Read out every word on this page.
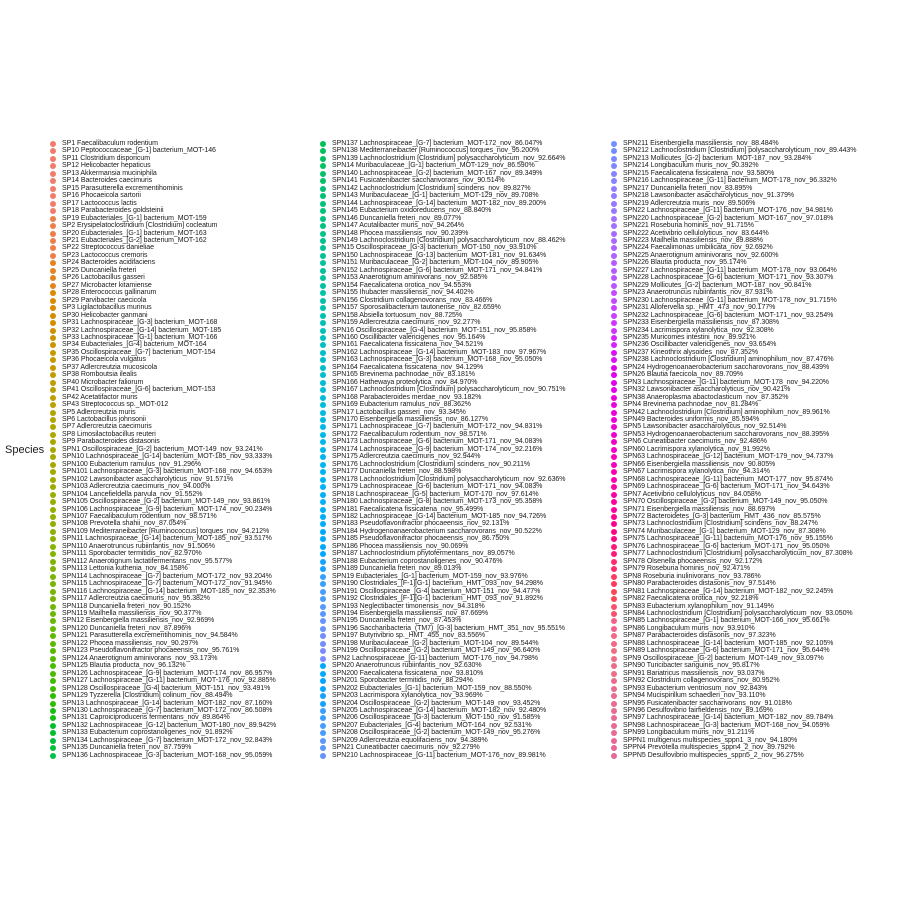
Species
SP1 Faecalibaculum rodentium
SP10 Peptococcaceae_[G-1] bacterium_MOT-146
SP11 Clostridium disporicum
SP12 Helicobacter hepaticus
SP13 Akkermansia muciniphila
SP14 Bacteroides caecimuris
SP15 Parasutterella excrementihominis
SP16 Phocaeicola sartorii
SP17 Lactococcus lactis
SP18 Parabacteroides goldsteinii
SP19 Eubacteriales_[G-1] bacterium_MOT-159
SP2 Erysipelatoclostridium [Clostridium] cocleatum
SP20 Eubacteriales_[G-1] bacterium_MOT-163
SP21 Eubacteriales_[G-2] bacterium_MOT-162
SP22 Streptococcus danieliae
SP23 Lactococcus cremoris
SP24 Bacteroides acidifaciens
SP25 Duncaniella freteri
SP26 Lactobacillus gasseri
SP27 Microbacter kitamiense
SP28 Enterococcus gallinarum
SP29 Parvibacter caecicola
SP3 Ligilactobacillus murinus
SP30 Helicobacter ganmani
SP31 Lachnospiraceae_[G-3] bacterium_MOT-168
SP32 Lachnospiraceae_[G-14] bacterium_MOT-185
SP33 Lachnospiraceae_[G-1] bacterium_MOT-166
SP34 Eubacteriales_[G-4] bacterium_MOT-164
SP35 Oscillospiraceae_[G-7] bacterium_MOT-154
SP36 Phocaeicola vulgatus
SP37 Adlercreutzia mucosicola
SP38 Romboutsia ilealis
SP40 Microbacter faliorum
SP41 Oscillospiraceae_[G-6] bacterium_MOT-153
SP42 Acetatifactor muris
SP43 Streptococcus sp._MOT-012
SP5 Adlercreutzia muris
SP6 Lactobacillus johnsonii
SP7 Adlercreutzia caecimuris
SP8 Limosilactobacillus reuteri
SP9 Parabacteroides distasonis
SPN1 Oscillospiraceae_[G-2] bacterium_MOT-149_nov_93.241%
SPN10 Lachnospiraceae_[G-14] bacterium_MOT-185_nov_93.333%
SPN100 Eubacterium ramulus_nov_91.296%
SPN101 Lachnospiraceae_[G-3] bacterium_MOT-168_nov_94.653%
SPN102 Lawsonibacter asaccharolyticus_nov_91.571%
SPN103 Adlercreutzia caecimuris_nov_94.000%
SPN104 Lancefieldella parvula_nov_91.552%
SPN105 Oscillospiraceae_[G-2] bacterium_MOT-149_nov_93.861%
SPN106 Lachnospiraceae_[G-9] bacterium_MOT-174_nov_90.234%
SPN107 Faecalibaculum rodentium_nov_98.571%
SPN108 Prevotella shahii_nov_87.054%
SPN109 Mediterraneibacter [Ruminococcus] torques_nov_94.212%
SPN11 Lachnospiraceae_[G-14] bacterium_MOT-185_nov_93.517%
SPN110 Anaerotruncus rubiinfantis_nov_91.506%
SPN111 Sporobacter termitidis_nov_82.970%
SPN112 Anaerotignum lactatifermentans_nov_95.577%
SPN113 Lettonia kuthenia_nov_84.158%
SPN114 Lachnospiraceae_[G-7] bacterium_MOT-172_nov_93.204%
SPN115 Lachnospiraceae_[G-7] bacterium_MOT-172_nov_91.945%
SPN116 Lachnospiraceae_[G-14] bacterium_MOT-185_nov_92.353%
SPN117 Adlercreutzia caecimuris_nov_95.382%
SPN118 Duncaniella freteri_nov_90.152%
SPN119 Mailhella massiliensis_nov_90.377%
SPN12 Eisenbergiella massiliensis_nov_92.969%
SPN120 Duncaniella freteri_nov_87.896%
SPN121 Parasutterella excrementihominis_nov_94.584%
SPN122 Phocea massiliensis_nov_90.297%
SPN123 Pseudoflavonifractor phocaeensis_nov_95.761%
SPN124 Anaerotignum aminivorans_nov_93.173%
SPN125 Blautia producta_nov_96.132%
SPN126 Lachnospiraceae_[G-9] bacterium_MOT-174_nov_86.957%
SPN127 Lachnospiraceae_[G-11] bacterium_MOT-176_nov_92.885%
SPN128 Oscillospiraceae_[G-4] bacterium_MOT-151_nov_93.491%
SPN129 Tyzzerella [Clostridium] colinum_nov_88.494%
SPN13 Lachnospiraceae_[G-14] bacterium_MOT-182_nov_87.160%
SPN130 Lachnospiraceae_[G-7] bacterium_MOT-172_nov_86.508%
SPN131 Caproiciproducens fermentans_nov_89.864%
SPN132 Lachnospiraceae_[G-12] bacterium_MOT-180_nov_89.942%
SPN133 Eubacterium coprostanoligenes_nov_91.892%
SPN134 Lachnospiraceae_[G-7] bacterium_MOT-172_nov_92.843%
SPN135 Duncaniella freteri_nov_87.759%
SPN136 Lachnospiraceae_[G-3] bacterium_MOT-168_nov_95.059%
SPN137 Lachnospiraceae_[G-7] bacterium_MOT-172_nov_86.047%
SPN138 Mediterraneibacter [Ruminococcus] torques_nov_95.200%
SPN139 Lachnoclostridium [Clostridium] polysaccharolyticum_nov_92.664%
SPN14 Muribaculaceae_[G-1] bacterium_MOT-129_nov_86.590%
SPN140 Lachnospiraceae_[G-2] bacterium_MOT-167_nov_89.349%
SPN141 Fusicatenibacter saccharivorans_nov_90.514%
SPN142 Lachnoclostridium [Clostridium] scindens_nov_89.827%
SPN143 Muribaculaceae_[G-1] bacterium_MOT-129_nov_89.708%
SPN144 Lachnospiraceae_[G-14] bacterium_MOT-182_nov_89.200%
SPN145 Eubacterium oxidoreducens_nov_88.840%
SPN146 Duncaniella freteri_nov_89.077%
SPN147 Acutalibacter muris_nov_94.264%
SPN148 Phocea massiliensis_nov_90.239%
SPN149 Lachnoclostridium [Clostridium] polysaccharolyticum_nov_88.462%
SPN15 Oscillospiraceae_[G-3] bacterium_MOT-150_nov_93.910%
SPN150 Lachnospiraceae_[G-13] bacterium_MOT-181_nov_91.634%
SPN151 Muribaculaceae_[G-2] bacterium_MOT-104_nov_89.905%
SPN152 Lachnospiraceae_[G-6] bacterium_MOT-171_nov_94.841%
SPN153 Anaerotignum aminivorans_nov_92.585%
SPN154 Faecalicatena orotica_nov_94.553%
SPN155 Ihubacter massiliensis_nov_94.402%
SPN156 Clostridium collagenovorans_nov_83.466%
SPN157 Sporosalibacterium tautonense_nov_82.659%
SPN158 Absiella tortuosum_nov_88.725%
SPN159 Adlercreutzia caecimuris_nov_92.277%
SPN16 Oscillospiraceae_[G-4] bacterium_MOT-151_nov_95.858%
SPN160 Oscillibacter valericigenes_nov_95.164%
SPN161 Faecalicatena fissicatena_nov_94.521%
SPN162 Lachnospiraceae_[G-14] bacterium_MOT-183_nov_97.967%
SPN163 Lachnospiraceae_[G-3] bacterium_MOT-168_nov_95.050%
SPN164 Faecalicatena fissicatena_nov_94.129%
SPN165 Brevinema pachnodae_nov_83.181%
SPN166 Hathewaya proteolytica_nov_84.970%
SPN167 Lachnoclostridium [Clostridium] polysaccharolyticum_nov_90.751%
SPN168 Parabacteroides merdae_nov_93.182%
SPN169 Eubacterium ramulus_nov_88.362%
SPN17 Lactobacillus gasseri_nov_93.345%
SPN170 Eisenbergiella massiliensis_nov_86.127%
SPN171 Lachnospiraceae_[G-7] bacterium_MOT-172_nov_94.831%
SPN172 Faecalibaculum rodentium_nov_98.571%
SPN173 Lachnospiraceae_[G-6] bacterium_MOT-171_nov_94.083%
SPN174 Lachnospiraceae_[G-9] bacterium_MOT-174_nov_92.216%
SPN175 Adlercreutzia caecimuris_nov_92.944%
SPN176 Lachnoclostridium [Clostridium] scindens_nov_90.211%
SPN177 Duncaniella freteri_nov_88.598%
SPN178 Lachnoclostridium [Clostridium] polysaccharolyticum_nov_92.636%
SPN179 Lachnospiraceae_[G-6] bacterium_MOT-171_nov_94.083%
SPN18 Lachnospiraceae_[G-5] bacterium_MOT-170_nov_97.614%
SPN180 Lachnospiraceae_[G-8] bacterium_MOT-173_nov_95.358%
SPN181 Faecalicatena fissicatena_nov_95.499%
SPN182 Lachnospiraceae_[G-14] bacterium_MOT-185_nov_94.726%
SPN183 Pseudoflavonifractor phocaeensis_nov_92.131%
SPN184 Hydrogenoanaerobacterium saccharovorans_nov_90.522%
SPN185 Pseudoflavonifractor phocaeensis_nov_86.750%
SPN186 Phocea massiliensis_nov_90.069%
SPN187 Lachnoclostridium phytofermentans_nov_89.057%
SPN188 Eubacterium coprostanoligenes_nov_90.476%
SPN189 Duncaniella freteri_nov_89.013%
SPN19 Eubacteriales_[G-1] bacterium_MOT-159_nov_93.976%
SPN190 Clostridiales_[F-1][G-1] bacterium_HMT_093_nov_94.298%
SPN191 Oscillospiraceae_[G-4] bacterium_MOT-151_nov_94.477%
SPN192 Clostridiales_[F-1][G-1] bacterium_HMT_093_nov_91.892%
SPN193 Neglectibacter timonensis_nov_94.318%
SPN194 Eisenbergiella massiliensis_nov_87.669%
SPN195 Duncaniella freteri_nov_87.453%
SPN196 Saccharibacteria_(TM7)_[G-3] bacterium_HMT_351_nov_95.551%
SPN197 Butyrivibrio sp._HMT_455_nov_83.556%
SPN198 Muribaculaceae_[G-2] bacterium_MOT-104_nov_89.544%
SPN199 Oscillospiraceae_[G-2] bacterium_MOT-149_nov_96.640%
SPN2 Lachnospiraceae_[G-11] bacterium_MOT-176_nov_94.798%
SPN20 Anaerotruncus rubiinfantis_nov_92.630%
SPN200 Faecalicatena fissicatena_nov_93.810%
SPN201 Sporobacter termitidis_nov_88.294%
SPN202 Eubacteriales_[G-1] bacterium_MOT-159_nov_88.550%
SPN203 Lacrimispora xylanolytica_nov_93.969%
SPN204 Oscillospiraceae_[G-2] bacterium_MOT-149_nov_93.452%
SPN205 Lachnospiraceae_[G-14] bacterium_MOT-182_nov_92.480%
SPN206 Oscillospiraceae_[G-3] bacterium_MOT-150_nov_91.585%
SPN207 Eubacteriales_[G-4] bacterium_MOT-164_nov_92.531%
SPN208 Oscillospiraceae_[G-2] bacterium_MOT-149_nov_95.276%
SPN209 Adlercreutzia equolifaciens_nov_94.389%
SPN21 Cuneatibacter caecimuris_nov_92.279%
SPN210 Lachnospiraceae_[G-11] bacterium_MOT-176_nov_89.981%
SPN211 Eisenbergiella massiliensis_nov_88.484%
SPN212 Lachnoclostridium [Clostridium] polysaccharolyticum_nov_89.443%
SPN213 Mollicutes_[G-2] bacterium_MOT-187_nov_93.284%
SPN214 Longibaculum muris_nov_90.392%
SPN215 Faecalicatena fissicatena_nov_93.580%
SPN216 Lachnospiraceae_[G-11] bacterium_MOT-178_nov_96.332%
SPN217 Duncaniella freteri_nov_83.895%
SPN218 Lawsonibacter asaccharolyticus_nov_91.379%
SPN219 Adlercreutzia muris_nov_89.506%
SPN22 Lachnospiraceae_[G-11] bacterium_MOT-176_nov_94.981%
SPN220 Lachnospiraceae_[G-2] bacterium_MOT-167_nov_97.018%
SPN221 Roseburia hominis_nov_91.715%
SPN222 Acetivibrio cellulolyticus_nov_83.644%
SPN223 Mailhella massiliensis_nov_89.888%
SPN224 Faecalimonas umbilicata_nov_92.692%
SPN225 Anaerotignum aminivorans_nov_92.600%
SPN226 Blautia producta_nov_95.174%
SPN227 Lachnospiraceae_[G-11] bacterium_MOT-178_nov_93.064%
SPN228 Lachnospiraceae_[G-6] bacterium_MOT-171_nov_93.307%
SPN229 Mollicutes_[G-2] bacterium_MOT-187_nov_90.841%
SPN23 Anaerotruncus rubiinfantis_nov_87.931%
SPN230 Lachnospiraceae_[G-11] bacterium_MOT-178_nov_91.715%
SPN231 Allofervella sp._HMT_473_nov_90.177%
SPN232 Lachnospiraceae_[G-6] bacterium_MOT-171_nov_93.254%
SPN233 Eisenbergiella massiliensis_nov_87.308%
SPN234 Lacrimispora xylanolytica_nov_92.308%
SPN235 Muricomes intestini_nov_89.921%
SPN236 Oscillibacter valericigenes_nov_93.654%
SPN237 Kineothrix alysoides_nov_87.352%
SPN238 Lachnoclostridium [Clostridium] aminophilum_nov_87.476%
SPN24 Hydrogenoanaerobacterium saccharovorans_nov_88.439%
SPN26 Blautia faecicola_nov_89.709%
SPN3 Lachnospiraceae_[G-11] bacterium_MOT-178_nov_94.220%
SPN32 Lawsonibacter asaccharolyticus_nov_90.421%
SPN38 Anaeroplasma abactoclasticum_nov_87.352%
SPN4 Brevinema pachnodae_nov_81.284%
SPN42 Lachnoclostridium [Clostridium] aminophilum_nov_89.961%
SPN49 Bacteroides uniformis_nov_85.594%
SPN5 Lawsonibacter asaccharolyticus_nov_92.514%
SPN53 Hydrogenoanaerobacterium saccharovorans_nov_88.395%
SPN6 Cuneatibacter caecimuris_nov_92.486%
SPN60 Lacrimispora xylanolytica_nov_91.992%
SPN63 Lachnospiraceae_[G-12] bacterium_MOT-179_nov_94.737%
SPN66 Eisenbergiella massiliensis_nov_90.805%
SPN67 Lacrimispora xylanolytica_nov_94.314%
SPN68 Lachnospiraceae_[G-11] bacterium_MOT-177_nov_95.874%
SPN69 Lachnospiraceae_[G-6] bacterium_MOT-171_nov_94.643%
SPN7 Acetivibrio cellulolyticus_nov_84.058%
SPN70 Oscillospiraceae_[G-2] bacterium_MOT-149_nov_95.050%
SPN71 Eisenbergiella massiliensis_nov_88.697%
SPN72 Bacteroidetes_[G-3] bacterium_HMT_436_nov_85.575%
SPN73 Lachnoclostridium [Clostridium] scindens_nov_88.247%
SPN74 Muribaculaceae_[G-1] bacterium_MOT-129_nov_87.308%
SPN75 Lachnospiraceae_[G-11] bacterium_MOT-176_nov_95.155%
SPN76 Lachnospiraceae_[G-6] bacterium_MOT-171_nov_95.050%
SPN77 Lachnoclostridium [Clostridium] polysaccharolyticum_nov_87.308%
SPN78 Olsenella phocaeensis_nov_92.172%
SPN79 Roseburia hominis_nov_92.471%
SPN8 Roseburia inulinivorans_nov_93.786%
SPN80 Parabacteroides distasonis_nov_97.514%
SPN81 Lachnospiraceae_[G-14] bacterium_MOT-182_nov_92.245%
SPN82 Faecalicatena orotica_nov_92.218%
SPN83 Eubacterium xylanophilum_nov_91.149%
SPN84 Lachnoclostridium [Clostridium] polysaccharolyticum_nov_93.050%
SPN85 Lachnospiraceae_[G-1] bacterium_MOT-166_nov_95.661%
SPN86 Longibaculum muris_nov_93.910%
SPN87 Parabacteroides distasonis_nov_97.323%
SPN88 Lachnospiraceae_[G-14] bacterium_MOT-185_nov_92.105%
SPN89 Lachnospiraceae_[G-6] bacterium_MOT-171_nov_95.644%
SPN9 Oscillospiraceae_[G-2] bacterium_MOT-149_nov_93.097%
SPN90 Turicibacter sanguinis_nov_95.817%
SPN91 Bariatricus massiliensis_nov_93.037%
SPN92 Clostridium collagenovorans_nov_80.952%
SPN93 Eubacterium ventriosum_nov_92.843%
SPN94 Mucispirillum schaedleri_nov_93.110%
SPN95 Fusicatenibacter saccharivorans_nov_91.018%
SPN96 Desulfovibrio fairfieldensis_nov_89.169%
SPN97 Lachnospiraceae_[G-14] bacterium_MOT-182_nov_89.784%
SPN98 Lachnospiraceae_[G-3] bacterium_MOT-168_nov_94.059%
SPN99 Longibaculum muris_nov_91.211%
SPPN1 multigenus multispecies_sppn1_3_nov_94.180%
SPPN4 Prevotella multispecies_sppn4_2_nov_89.792%
SPPN5 Desulfovibrio multispecies_sppn5_2_nov_96.275%
